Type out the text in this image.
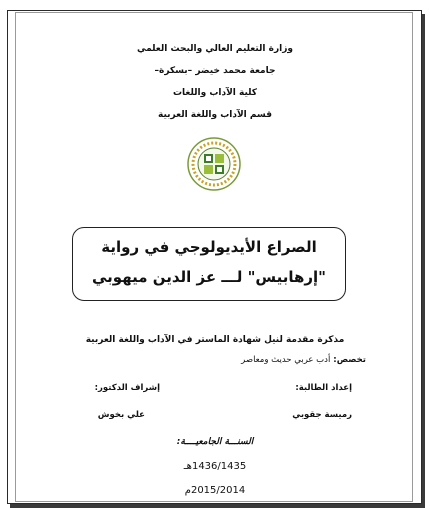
وزارة التعليم العالي والبحث العلمي
جامعة محمد خيضر –بسكرة–
كلية الآداب واللغات
قسم الآداب واللغة العربية
الصراع الأيديولوجي في رواية
"إرهابيس" لـــ عز الدين ميهوبي
مذكرة مقدمة لنيل شهادة الماستر في الآداب واللغة العربية
تخصص: أدب عربي حديث ومعاصر
إعداد الطالبة:
إشراف الدكتور:
رميسة جقوبي
علي بخوش
السنـــة الجامعيــــة:
1436/1435هـ
2015/2014م
